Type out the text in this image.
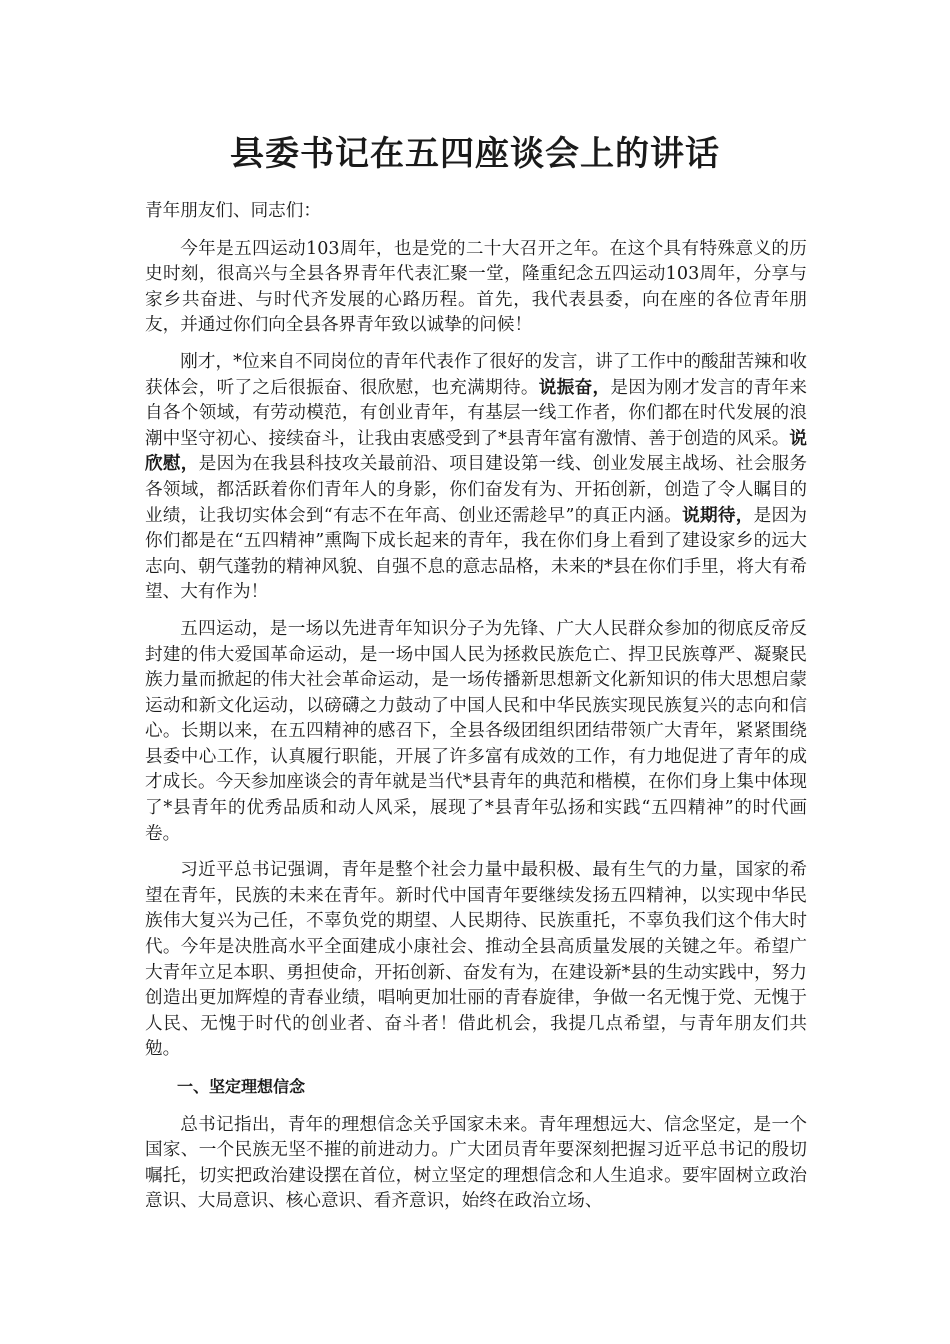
县委书记在五四座谈会上的讲话

青年朋友们、同志们：

今年是五四运动103周年，也是党的二十大召开之年。在这个具有特殊意义的历史时刻，很高兴与全县各界青年代表汇聚一堂，隆重纪念五四运动103周年，分享与家乡共奋进、与时代齐发展的心路历程。首先，我代表县委，向在座的各位青年朋友，并通过你们向全县各界青年致以诚挚的问候！

刚才，*位来自不同岗位的青年代表作了很好的发言，讲了工作中的酸甜苦辣和收获体会，听了之后很振奋、很欣慰，也充满期待。说振奋，是因为刚才发言的青年来自各个领域，有劳动模范，有创业青年，有基层一线工作者，你们都在时代发展的浪潮中坚守初心、接续奋斗，让我由衷感受到了*县青年富有激情、善于创造的风采。说欣慰，是因为在我县科技攻关最前沿、项目建设第一线、创业发展主战场、社会服务各领域，都活跃着你们青年人的身影，你们奋发有为、开拓创新，创造了令人瞩目的业绩，让我切实体会到“有志不在年高、创业还需趁早”的真正内涵。说期待，是因为你们都是在“五四精神”熏陶下成长起来的青年，我在你们身上看到了建设家乡的远大志向、朝气蓬勃的精神风貌、自强不息的意志品格，未来的*县在你们手里，将大有希望、大有作为！

五四运动，是一场以先进青年知识分子为先锋、广大人民群众参加的彻底反帝反封建的伟大爱国革命运动，是一场中国人民为拯救民族危亡、捍卫民族尊严、凝聚民族力量而掀起的伟大社会革命运动，是一场传播新思想新文化新知识的伟大思想启蒙运动和新文化运动，以磅礴之力鼓动了中国人民和中华民族实现民族复兴的志向和信心。长期以来，在五四精神的感召下，全县各级团组织团结带领广大青年，紧紧围绕县委中心工作，认真履行职能，开展了许多富有成效的工作，有力地促进了青年的成才成长。今天参加座谈会的青年就是当代*县青年的典范和楷模，在你们身上集中体现了*县青年的优秀品质和动人风采，展现了*县青年弘扬和实践“五四精神”的时代画卷。

习近平总书记强调，青年是整个社会力量中最积极、最有生气的力量，国家的希望在青年，民族的未来在青年。新时代中国青年要继续发扬五四精神，以实现中华民族伟大复兴为己任，不辜负党的期望、人民期待、民族重托，不辜负我们这个伟大时代。今年是决胜高水平全面建成小康社会、推动全县高质量发展的关键之年。希望广大青年立足本职、勇担使命，开拓创新、奋发有为，在建设新*县的生动实践中，努力创造出更加辉煌的青春业绩，唱响更加壮丽的青春旋律，争做一名无愧于党、无愧于人民、无愧于时代的创业者、奋斗者！借此机会，我提几点希望，与青年朋友们共勉。

一、坚定理想信念

总书记指出，青年的理想信念关乎国家未来。青年理想远大、信念坚定，是一个国家、一个民族无坚不摧的前进动力。广大团员青年要深刻把握习近平总书记的殷切嘱托，切实把政治建设摆在首位，树立坚定的理想信念和人生追求。要牢固树立政治意识、大局意识、核心意识、看齐意识，始终在政治立场、
